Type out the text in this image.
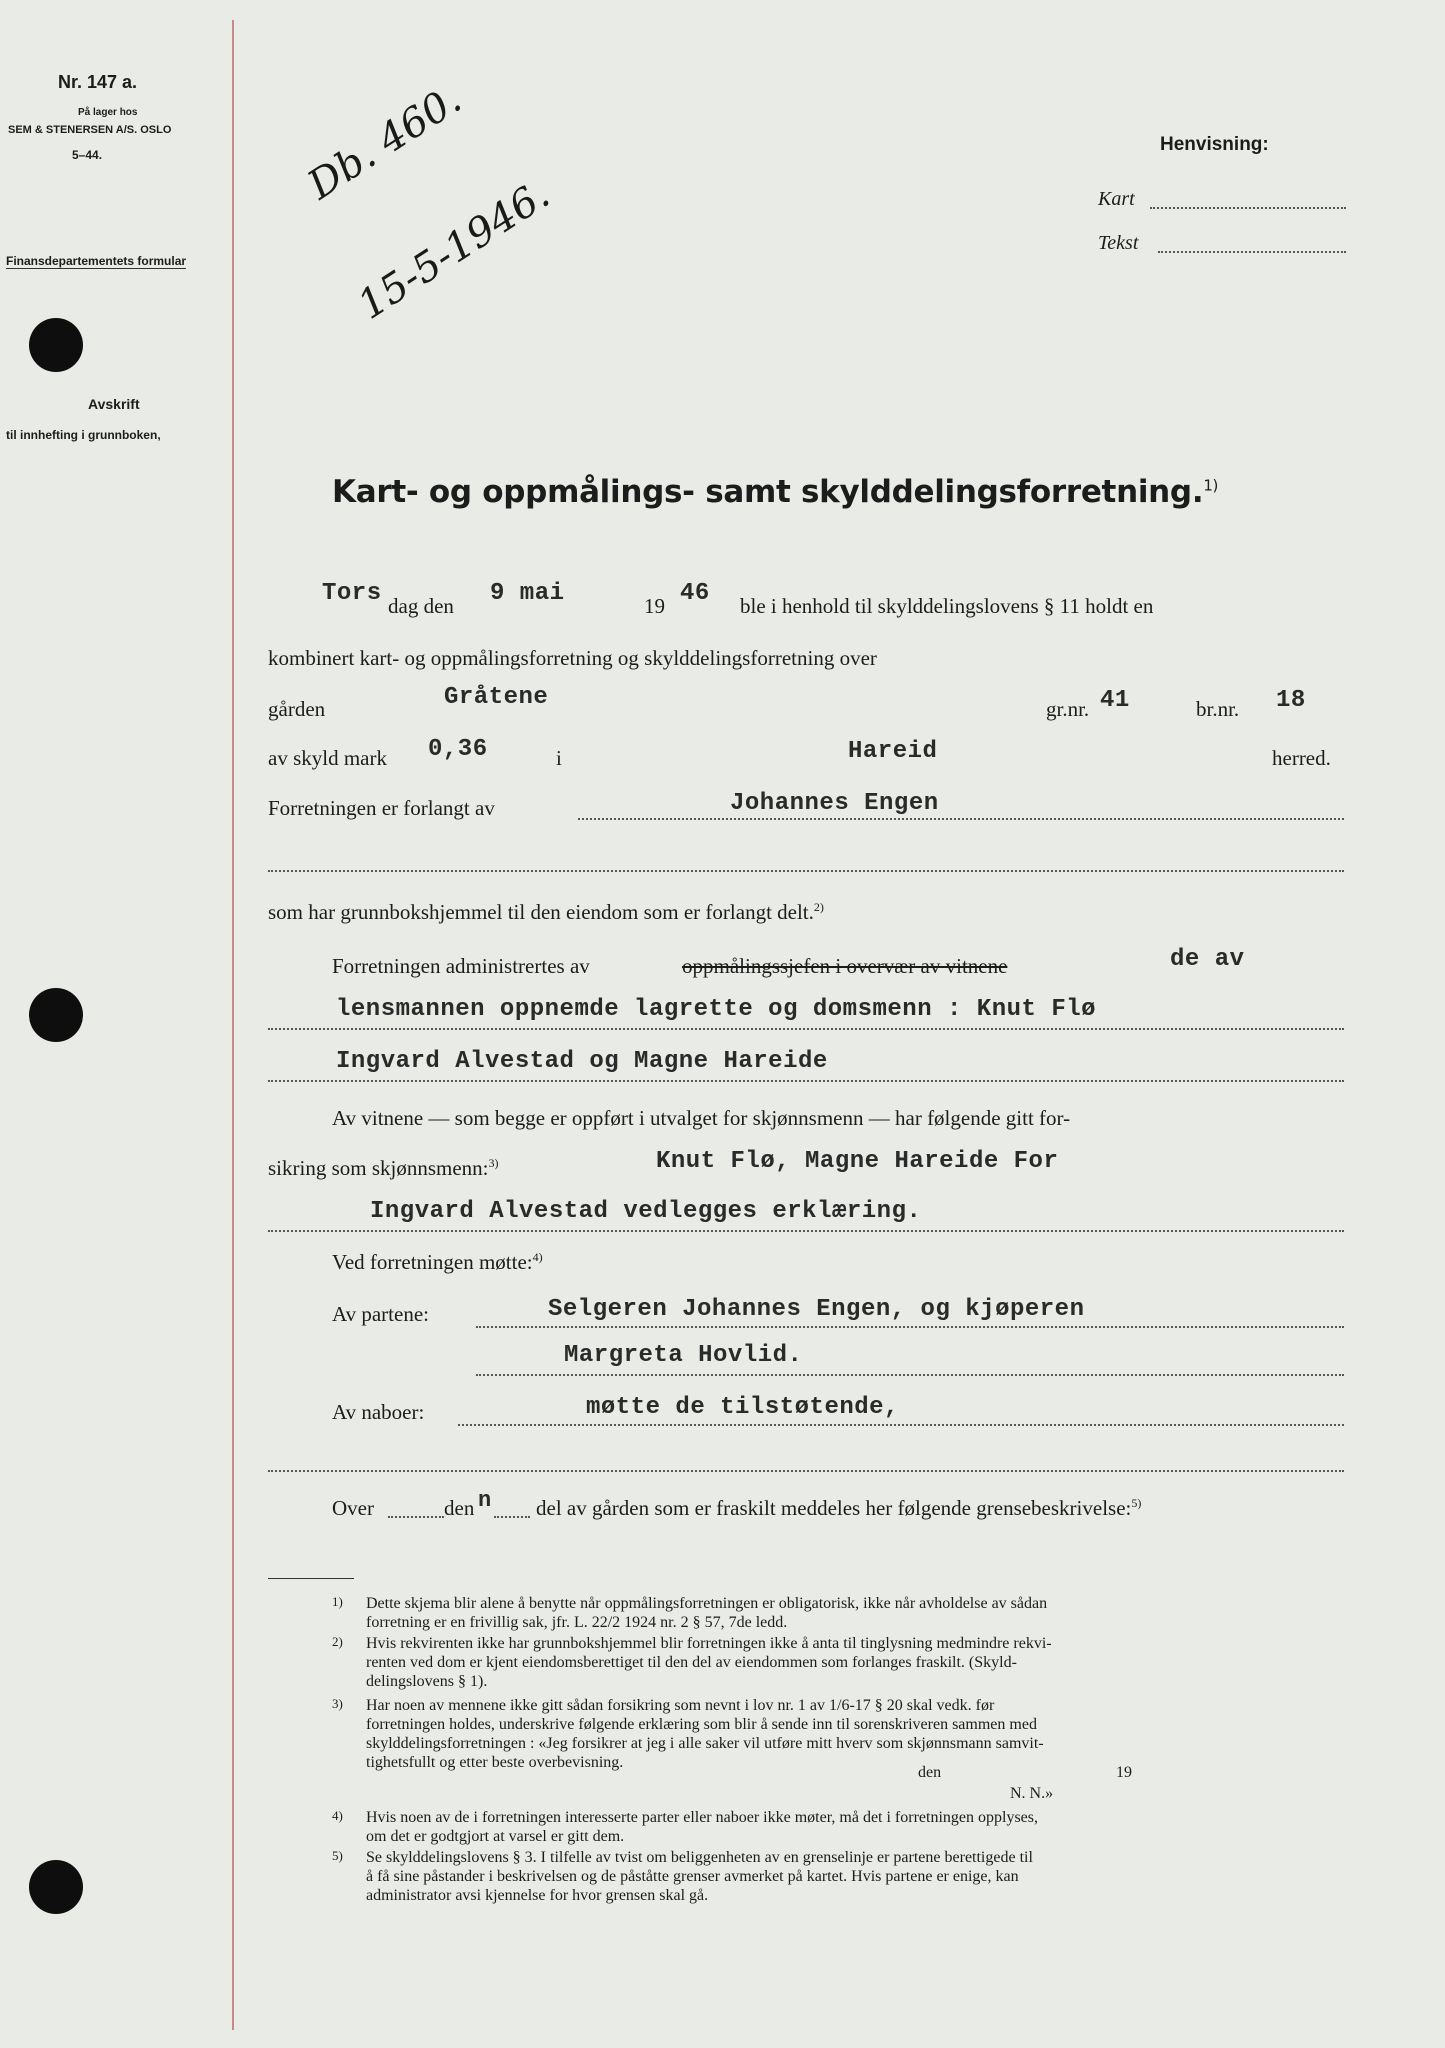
Nr. 147 a.
På lager hos
SEM & STENERSEN A/S. OSLO
5–44.
Finansdepartementets formular
Avskrift
til innhefting i grunnboken,
Db. 460.
15-5-1946.
Henvisning:
Kart
Tekst
Kart- og oppmålings- samt skylddelingsforretning.$^{1)}$
Tors dag den 9 mai	19 46 ble i henhold til skylddelingslovens § 11 holdt en
kombinert kart- og oppmålingsforretning og skylddelingsforretning over
gården	Gråtene	gr.nr. 41	br.nr. 18
av skyld mark 0,36	i	Hareid	herred.
Forretningen er forlangt av	Johannes Engen
som har grunnbokshjemmel til den eiendom som er forlangt delt.$^{2)}$
Forretningen administrertes av	oppmålingssjefen i overvær av vitnene	de av
lensmannen oppnemde lagrette og domsmenn : Knut Flø
Ingvard Alvestad og Magne Hareide
Av vitnene — som begge er oppført i utvalget for skjønnsmenn — har følgende gitt for-
sikring som skjønnsmenn:$^{3)}$	Knut Flø, Magne Hareide For
Ingvard Alvestad vedlegges erklæring.
Ved forretningen møtte:$^{4)}$
Av partene:	Selgeren Johannes Engen, og kjøperen
Margreta Hovlid.
Av naboer:	møtte de tilstøtende,
Over	den n del av gården som er fraskilt meddeles her følgende grensebeskrivelse:$^{5)}$
1) Dette skjema blir alene å benytte når oppmålingsforretningen er obligatorisk, ikke når avholdelse av sådan
forretning er en frivillig sak, jfr. L. 22/2 1924 nr. 2 § 57, 7de ledd.
2) Hvis rekvirenten ikke har grunnbokshjemmel blir forretningen ikke å anta til tinglysning medmindre rekvi-
renten ved dom er kjent eiendomsberettiget til den del av eiendommen som forlanges fraskilt. (Skyld-
delingslovens § 1).
3) Har noen av mennene ikke gitt sådan forsikring som nevnt i lov nr. 1 av 1/6-17 § 20 skal vedk. før
forretningen holdes, underskrive følgende erklæring som blir å sende inn til sorenskriveren sammen med
skylddelingsforretningen : «Jeg forsikrer at jeg i alle saker vil utføre mitt hverv som skjønnsmann samvit-
tighetsfullt og etter beste overbevisning.
den	19
N. N.»
4) Hvis noen av de i forretningen interesserte parter eller naboer ikke møter, må det i forretningen opplyses,
om det er godtgjort at varsel er gitt dem.
5) Se skylddelingslovens § 3. I tilfelle av tvist om beliggenheten av en grenselinje er partene berettigede til
å få sine påstander i beskrivelsen og de påståtte grenser avmerket på kartet. Hvis partene er enige, kan
administrator avsi kjennelse for hvor grensen skal gå.
